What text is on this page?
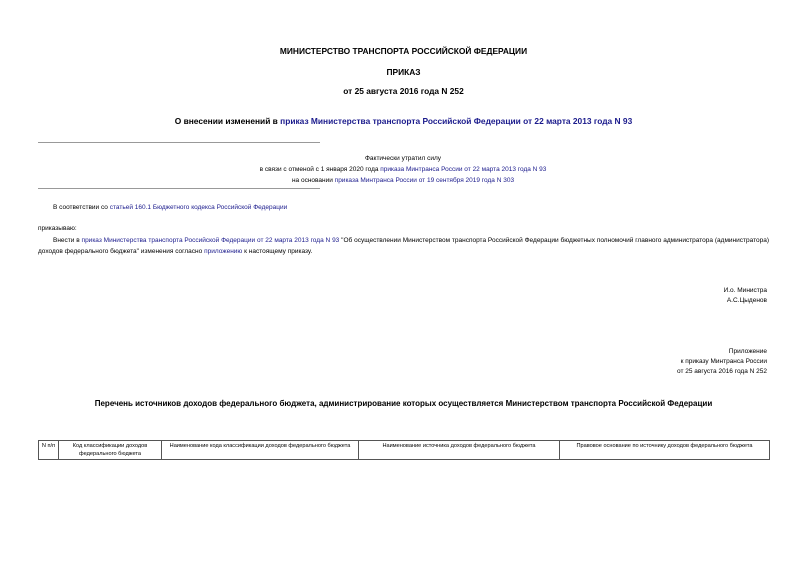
МИНИСТЕРСТВО ТРАНСПОРТА РОССИЙСКОЙ ФЕДЕРАЦИИ
ПРИКАЗ
от 25 августа 2016 года N 252
О внесении изменений в приказ Министерства транспорта Российской Федерации от 22 марта 2013 года N 93
Фактически утратил силу
в связи с отменой с 1 января 2020 года приказа Минтранса России от 22 марта 2013 года N 93
на основании приказа Минтранса России от 19 сентября 2019 года N 303
В соответствии со статьей 160.1 Бюджетного кодекса Российской Федерации
приказываю:
Внести в приказ Министерства транспорта Российской Федерации от 22 марта 2013 года N 93 "Об осуществлении Министерством транспорта Российской Федерации бюджетных полномочий главного администратора (администратора) доходов федерального бюджета" изменения согласно приложению к настоящему приказу.
И.о. Министра
А.С.Цыденов
Приложение
к приказу Минтранса России
от 25 августа 2016 года N 252
Перечень источников доходов федерального бюджета, администрирование которых осуществляется Министерством транспорта Российской Федерации
N п/п	Код классификации доходов федерального бюджета	Наименование кода классификации доходов федерального бюджета	Наименование источника доходов федерального бюджета	Правовое основание по источнику доходов федерального бюджета
